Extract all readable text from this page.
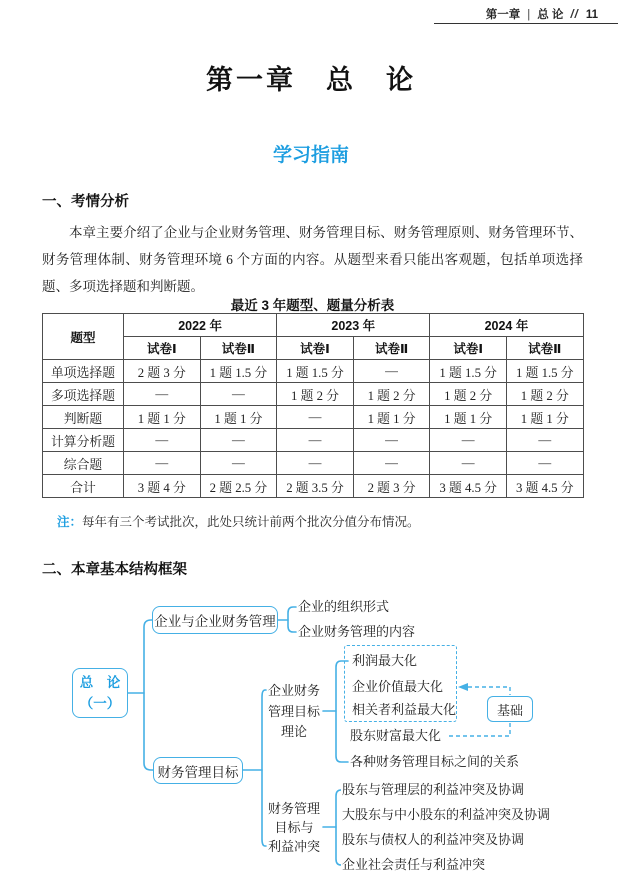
第一章 | 总 论 // 11
第一章　总　论
学习指南
一、考情分析
本章主要介绍了企业与企业财务管理、财务管理目标、财务管理原则、财务管理环节、财务管理体制、财务管理环境 6 个方面的内容。从题型来看只能出客观题，包括单项选择题、多项选择题和判断题。
最近 3 年题型、题量分析表
题型	2022 年		2023 年		2024 年	
	试卷Ⅰ	试卷Ⅱ	试卷Ⅰ	试卷Ⅱ	试卷Ⅰ	试卷Ⅱ
单项选择题	2 题 3 分	1 题 1.5 分	1 题 1.5 分	—	1 题 1.5 分	1 题 1.5 分
多项选择题	—	—	1 题 2 分	1 题 2 分	1 题 2 分	1 题 2 分
判断题	1 题 1 分	1 题 1 分	—	1 题 1 分	1 题 1 分	1 题 1 分
计算分析题	—	—	—	—	—	—
综合题	—	—	—	—	—	—
合计	3 题 4 分	2 题 2.5 分	2 题 3.5 分	2 题 3 分	3 题 4.5 分	3 题 4.5 分
注：每年有三个考试批次，此处只统计前两个批次分值分布情况。
二、本章基本结构框架
总　论
（一）
企业与企业财务管理
企业的组织形式
企业财务管理的内容
财务管理目标
企业财务
管理目标
理论
利润最大化
企业价值最大化
相关者利益最大化
股东财富最大化
各种财务管理目标之间的关系
基础
财务管理
目标与
利益冲突
股东与管理层的利益冲突及协调
大股东与中小股东的利益冲突及协调
股东与债权人的利益冲突及协调
企业社会责任与利益冲突
